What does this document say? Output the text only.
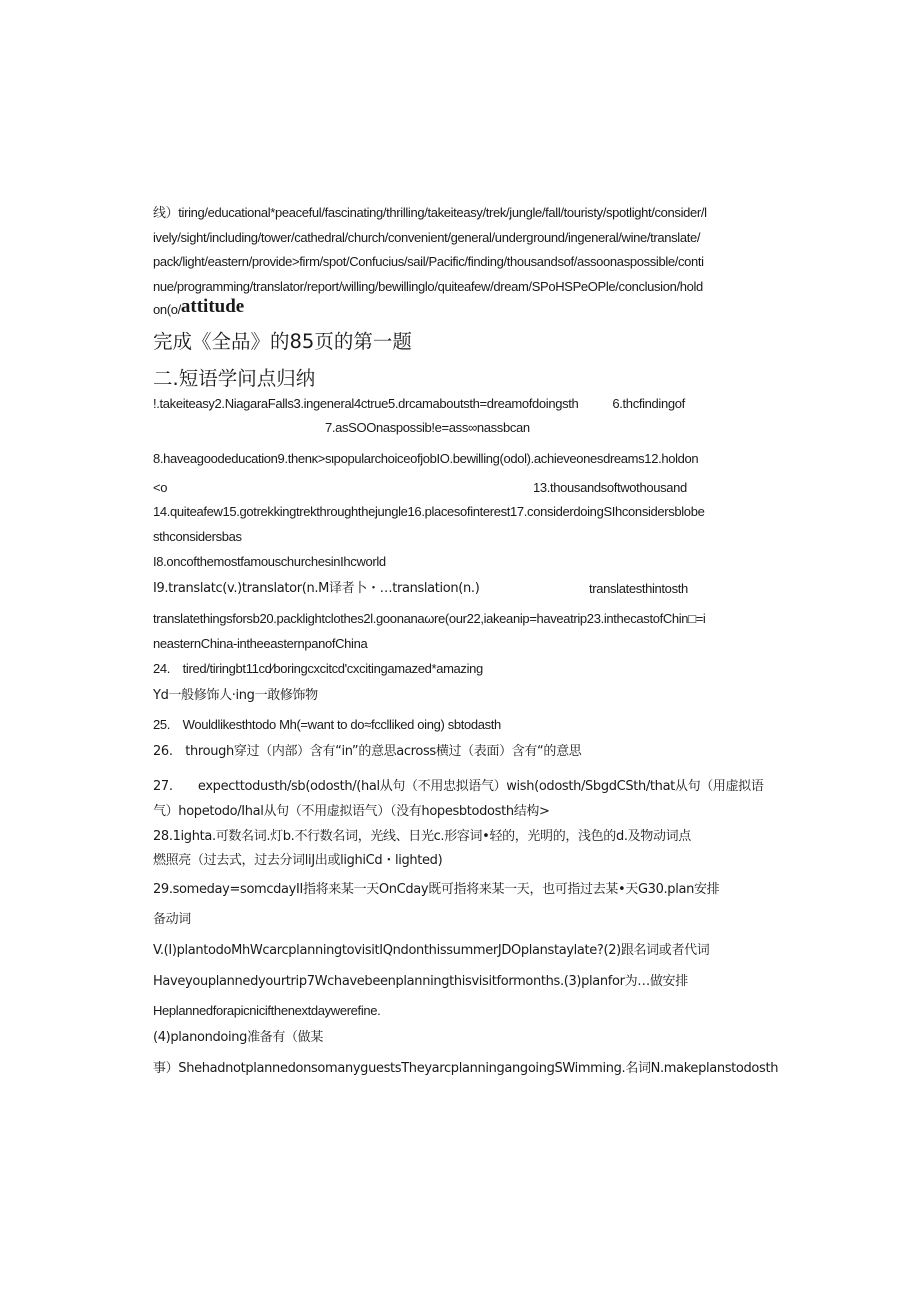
线）tiring/educational*peaceful/fascinating/thrilling/takeiteasy/trek/jungle/fall/touristy/spotlight/consider/l
ively/sight/including/tower/cathedral/church/convenient/general/underground/ingeneral/wine/translate/
pack/light/eastern/provide>firm/spot/Confucius/sail/Pacific/finding/thousandsof/assoonaspossible/conti
nue/programming/translator/report/willing/bewillinglo/quiteafew/dream/SPoHSPeOPle/conclusion/hold
on(o/attitude
完成《全品》的85页的第一题
二.短语学问点归纳
!.takeiteasy2.NiagaraFalls3.ingeneral4ctrue5.drcamaboutsth=dreamofdoingsth	6.thcfindingof
7.asSOOnaspossib!e=ass∞nassbcan
8.haveagoodeducation9.thenκ>sιpopularchoiceofjobIO.bewilling(odol).achieveonesdreams12.holdon
<o	13.thousandsoftwothousand
14.quiteafew15.gotrekkingtrekthroughthejungle16.placesofinterest17.considerdoingSIhconsidersblobe
sthconsidersbas
I8.oncofthemostfamouschurchesinIhcworld
I9.translatc(v.)translator(n.M译者卜・…translation(n.)	translatesthintosth
translatethingsforsb20.packlightclothes2l.goonanaωre(our22,iakeanip=haveatrip23.inthecastofChin□=i
neasternChina-intheeasternpanofChina
24.　tired/tiringbt11cd∕boringcxcitcd'cxcitingamazed*amazing
Yd一般修饰人·ing一敢修饰物
25.　Wouldlikesthtodo Mh(=want to do≈fcclliked oing) sbtodasth
26.　through穿过（内部）含有“in”的意思across横过（表面）含有“的意思
27.　　expecttodusth/sb(odosth/(hal从句（不用忠拟语气）wish(odosth/SbgdCSth/that从句（用虚拟语
气）hopetodo/Ihal从句（不用虚拟语气）（没有hopesbtodosth结构>
28.1ighta.可数名词.灯b.不行数名词，光线、日光c.形容词•轻的，光明的，浅色的d.及物动词点
燃照亮（过去式，过去分词liJ出或lighiCd・lighted)
29.someday=somcdayII指将来某一天OnCday既可指将来某一天，也可指过去某•天G30.plan安排
备动词
V.(I)plantodoMhWcarcplanningtovisitIQndonthissummerJDOplanstaylate?(2)跟名词或者代词
Haveyouplannedyourtrip7Wchavebeenplanningthisvisitformonths.(3)planfor为…做安排
Heplannedforapicnicifthenextdaywerefine.
(4)planondoing准备有（做某
事）ShehadnotplannedonsomanyguestsTheyarcplanningangoingSWimming.名词N.makeplanstodosth
